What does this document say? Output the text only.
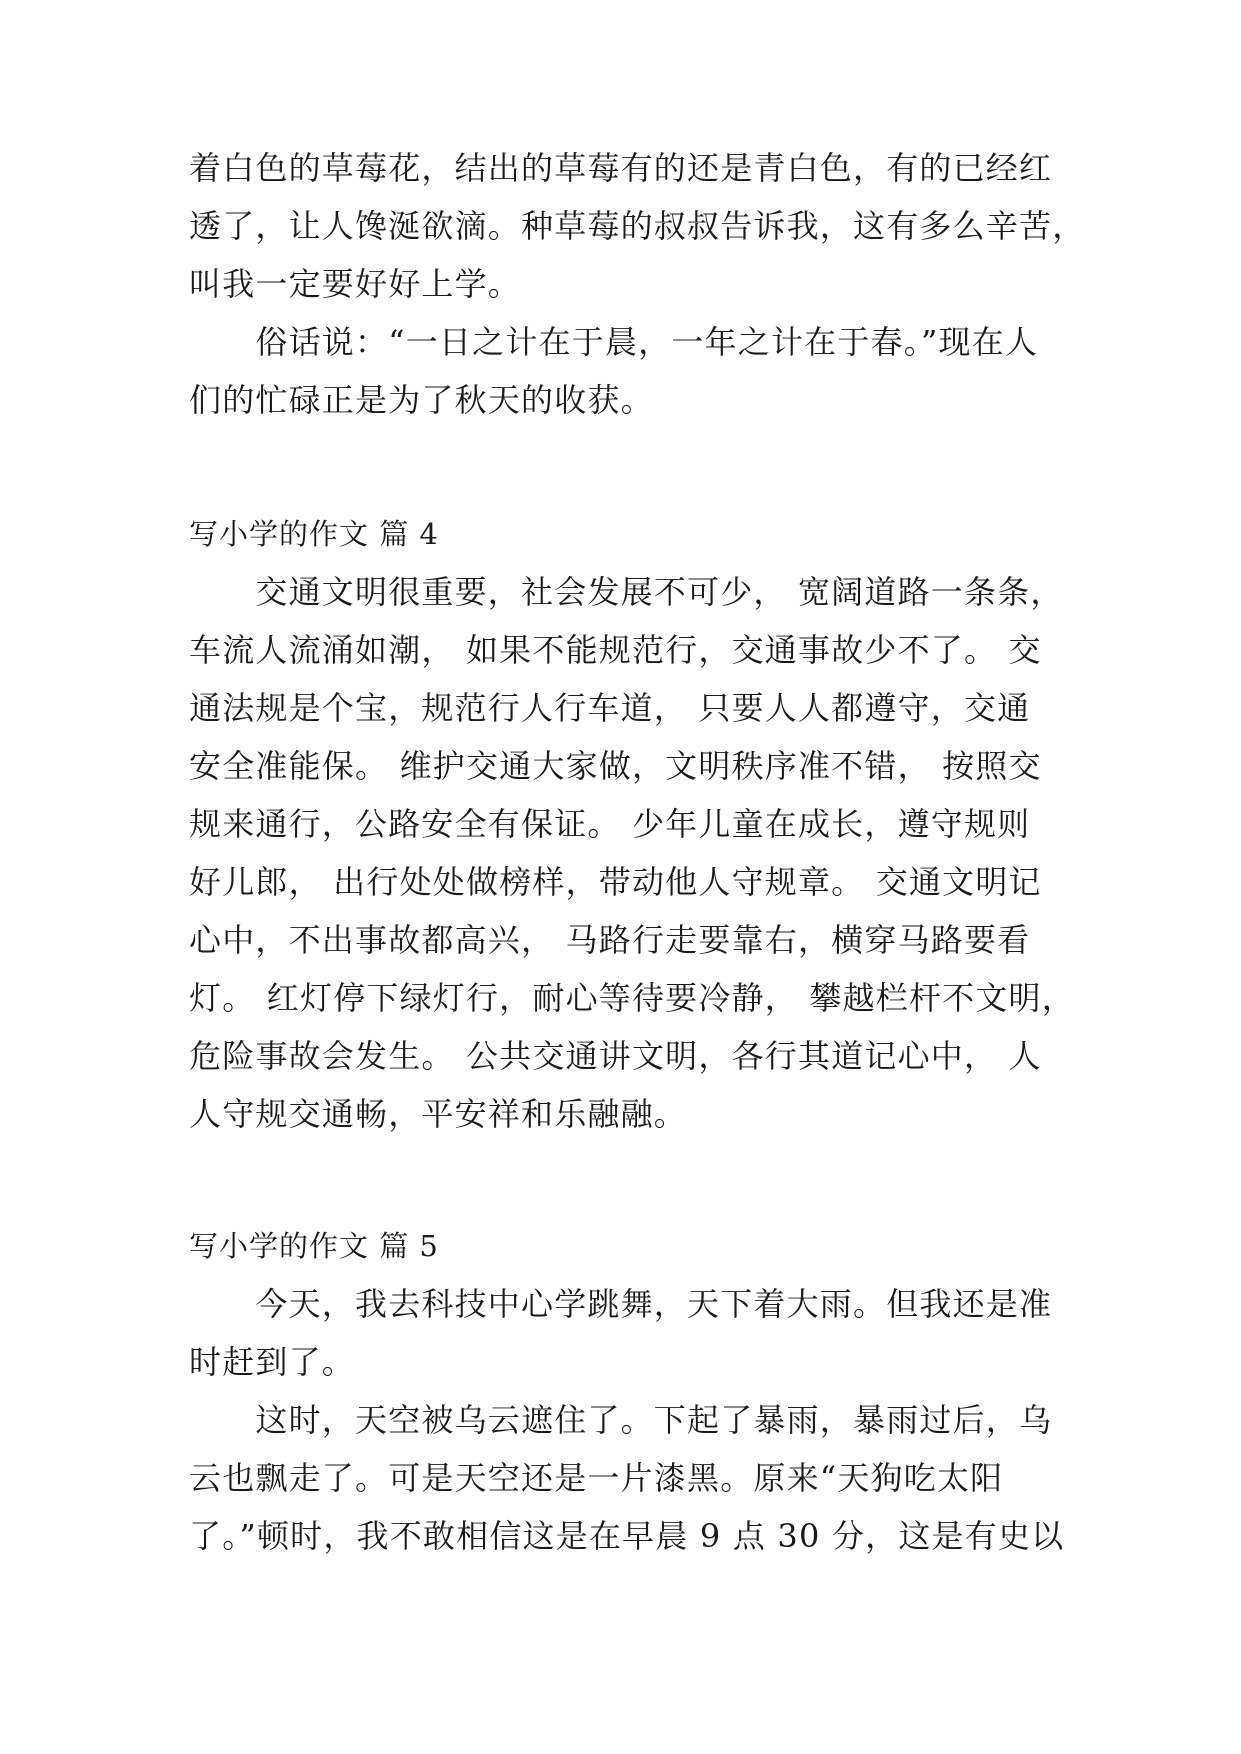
着白色的草莓花，结出的草莓有的还是青白色，有的已经红
透了，让人馋涎欲滴。种草莓的叔叔告诉我，这有多么辛苦，
叫我一定要好好上学。
　　俗话说：“一日之计在于晨，一年之计在于春。”现在人
们的忙碌正是为了秋天的收获。
写小学的作文 篇 4
　　交通文明很重要，社会发展不可少， 宽阔道路一条条，
车流人流涌如潮， 如果不能规范行，交通事故少不了。 交
通法规是个宝，规范行人行车道， 只要人人都遵守，交通
安全准能保。 维护交通大家做，文明秩序准不错， 按照交
规来通行，公路安全有保证。 少年儿童在成长，遵守规则
好儿郎， 出行处处做榜样，带动他人守规章。 交通文明记
心中，不出事故都高兴， 马路行走要靠右，横穿马路要看
灯。 红灯停下绿灯行，耐心等待要冷静， 攀越栏杆不文明，
危险事故会发生。 公共交通讲文明，各行其道记心中， 人
人守规交通畅，平安祥和乐融融。
写小学的作文 篇 5
　　今天，我去科技中心学跳舞，天下着大雨。但我还是准
时赶到了。
　　这时，天空被乌云遮住了。下起了暴雨，暴雨过后，乌
云也飘走了。可是天空还是一片漆黑。原来“天狗吃太阳
了。”顿时，我不敢相信这是在早晨 9 点 30 分，这是有史以
